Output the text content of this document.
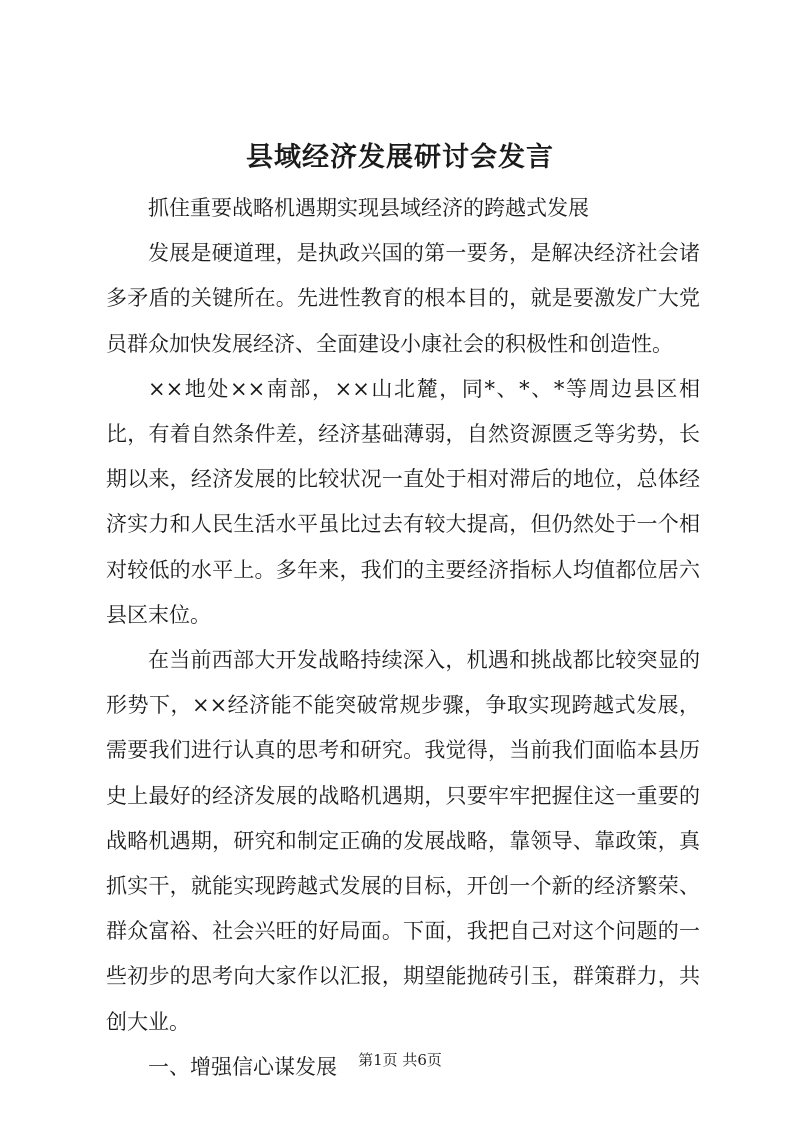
县域经济发展研讨会发言

抓住重要战略机遇期实现县域经济的跨越式发展

发展是硬道理，是执政兴国的第一要务，是解决经济社会诸多矛盾的关键所在。先进性教育的根本目的，就是要激发广大党员群众加快发展经济、全面建设小康社会的积极性和创造性。

××地处××南部，××山北麓，同*、*、*等周边县区相比，有着自然条件差，经济基础薄弱，自然资源匮乏等劣势，长期以来，经济发展的比较状况一直处于相对滞后的地位，总体经济实力和人民生活水平虽比过去有较大提高，但仍然处于一个相对较低的水平上。多年来，我们的主要经济指标人均值都位居六县区末位。

在当前西部大开发战略持续深入，机遇和挑战都比较突显的形势下，××经济能不能突破常规步骤，争取实现跨越式发展，需要我们进行认真的思考和研究。我觉得，当前我们面临本县历史上最好的经济发展的战略机遇期，只要牢牢把握住这一重要的战略机遇期，研究和制定正确的发展战略，靠领导、靠政策，真抓实干，就能实现跨越式发展的目标，开创一个新的经济繁荣、群众富裕、社会兴旺的好局面。下面，我把自己对这个问题的一些初步的思考向大家作以汇报，期望能抛砖引玉，群策群力，共创大业。

一、增强信心谋发展	第1页 共6页
